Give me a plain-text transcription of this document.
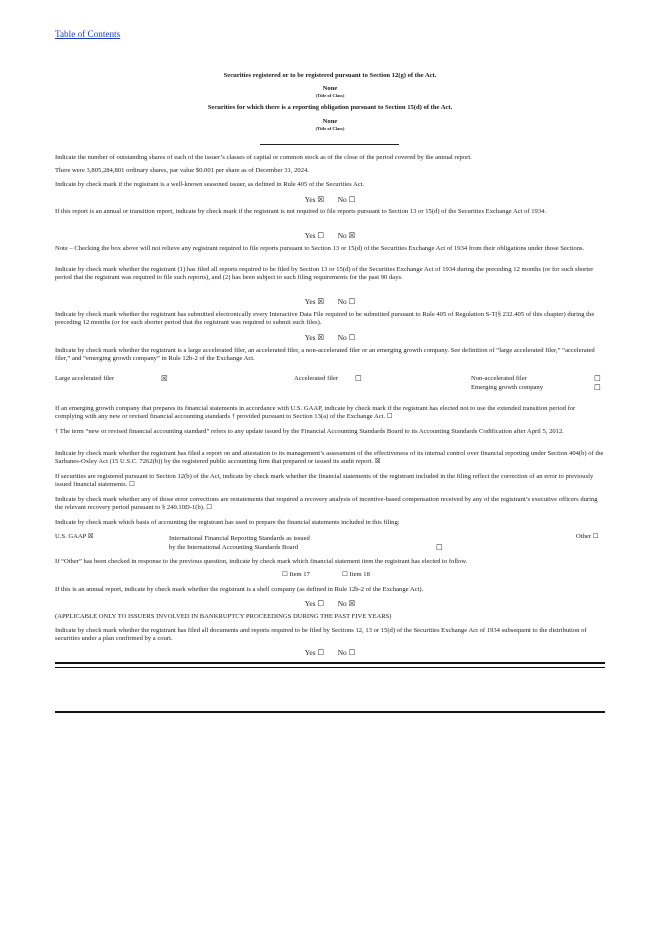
Table of Contents
Securities registered or to be registered pursuant to Section 12(g) of the Act.
None
(Title of Class)
Securities for which there is a reporting obligation pursuant to Section 15(d) of the Act.
None
(Title of Class)
Indicate the number of outstanding shares of each of the issuer’s classes of capital or common stock as of the close of the period covered by the annual report.
There were 3,805,284,801 ordinary shares, par value $0.001 per share as of December 31, 2024.
Indicate by check mark if the registrant is a well-known seasoned issuer, as defined in Rule 405 of the Securities Act.
Yes ☒ No ☐
If this report is an annual or transition report, indicate by check mark if the registrant is not required to file reports pursuant to Section 13 or 15(d) of the Securities Exchange Act of 1934.
Yes ☐ No ☒
Note – Checking the box above will not relieve any registrant required to file reports pursuant to Section 13 or 15(d) of the Securities Exchange Act of 1934 from their obligations under those Sections.
Indicate by check mark whether the registrant (1) has filed all reports required to be filed by Section 13 or 15(d) of the Securities Exchange Act of 1934 during the preceding 12 months (or for such shorter period that the registrant was required to file such reports), and (2) has been subject to such filing requirements for the past 90 days.
Yes ☒ No ☐
Indicate by check mark whether the registrant has submitted electronically every Interactive Data File required to be submitted pursuant to Rule 405 of Regulation S-T(§ 232.405 of this chapter) during the preceding 12 months (or for such shorter period that the registrant was required to submit such files).
Yes ☒ No ☐
Indicate by check mark whether the registrant is a large accelerated filer, an accelerated filer, a non-accelerated filer or an emerging growth company. See definition of “large accelerated filer,” “accelerated filer,” and “emerging growth company” in Rule 12b-2 of the Exchange Act.
Large accelerated filer	☒	Accelerated filer ☐	Non-accelerated filer	☐
Emerging growth company	☐
If an emerging growth company that prepares its financial statements in accordance with U.S. GAAP, indicate by check mark if the registrant has elected not to use the extended transition period for complying with any new or revised financial accounting standards † provided pursuant to Section 13(a) of the Exchange Act. ☐
† The term “new or revised financial accounting standard” refers to any update issued by the Financial Accounting Standards Board to its Accounting Standards Codification after April 5, 2012.
Indicate by check mark whether the registrant has filed a report on and attestation to its management’s assessment of the effectiveness of its internal control over financial reporting under Section 404(b) of the Sarbanes-Oxley Act (15 U.S.C. 7262(b)) by the registered public accounting firm that prepared or issued its audit report. ☒
If securities are registered pursuant to Section 12(b) of the Act, indicate by check mark whether the financial statements of the registrant included in the filing reflect the correction of an error to previously issued financial statements. ☐
Indicate by check mark whether any of those error corrections are restatements that required a recovery analysis of incentive-based compensation received by any of the registrant’s executive officers during the relevant recovery period pursuant to § 240.10D-1(b). ☐
Indicate by check mark which basis of accounting the registrant has used to prepare the financial statements included in this filing:
U.S. GAAP ☒	International Financial Reporting Standards as issued
by the International Accounting Standards Board	☐
Other ☐
If “Other” has been checked in response to the previous question, indicate by check mark which financial statement item the registrant has elected to follow.
☐ Item 17	☐ Item 18
If this is an annual report, indicate by check mark whether the registrant is a shell company (as defined in Rule 12b-2 of the Exchange Act).
Yes ☐ No ☒
(APPLICABLE ONLY TO ISSUERS INVOLVED IN BANKRUPTCY PROCEEDINGS DURING THE PAST FIVE YEARS)
Indicate by check mark whether the registrant has filed all documents and reports required to be filed by Sections 12, 13 or 15(d) of the Securities Exchange Act of 1934 subsequent to the distribution of securities under a plan confirmed by a court.
Yes ☐ No ☐
